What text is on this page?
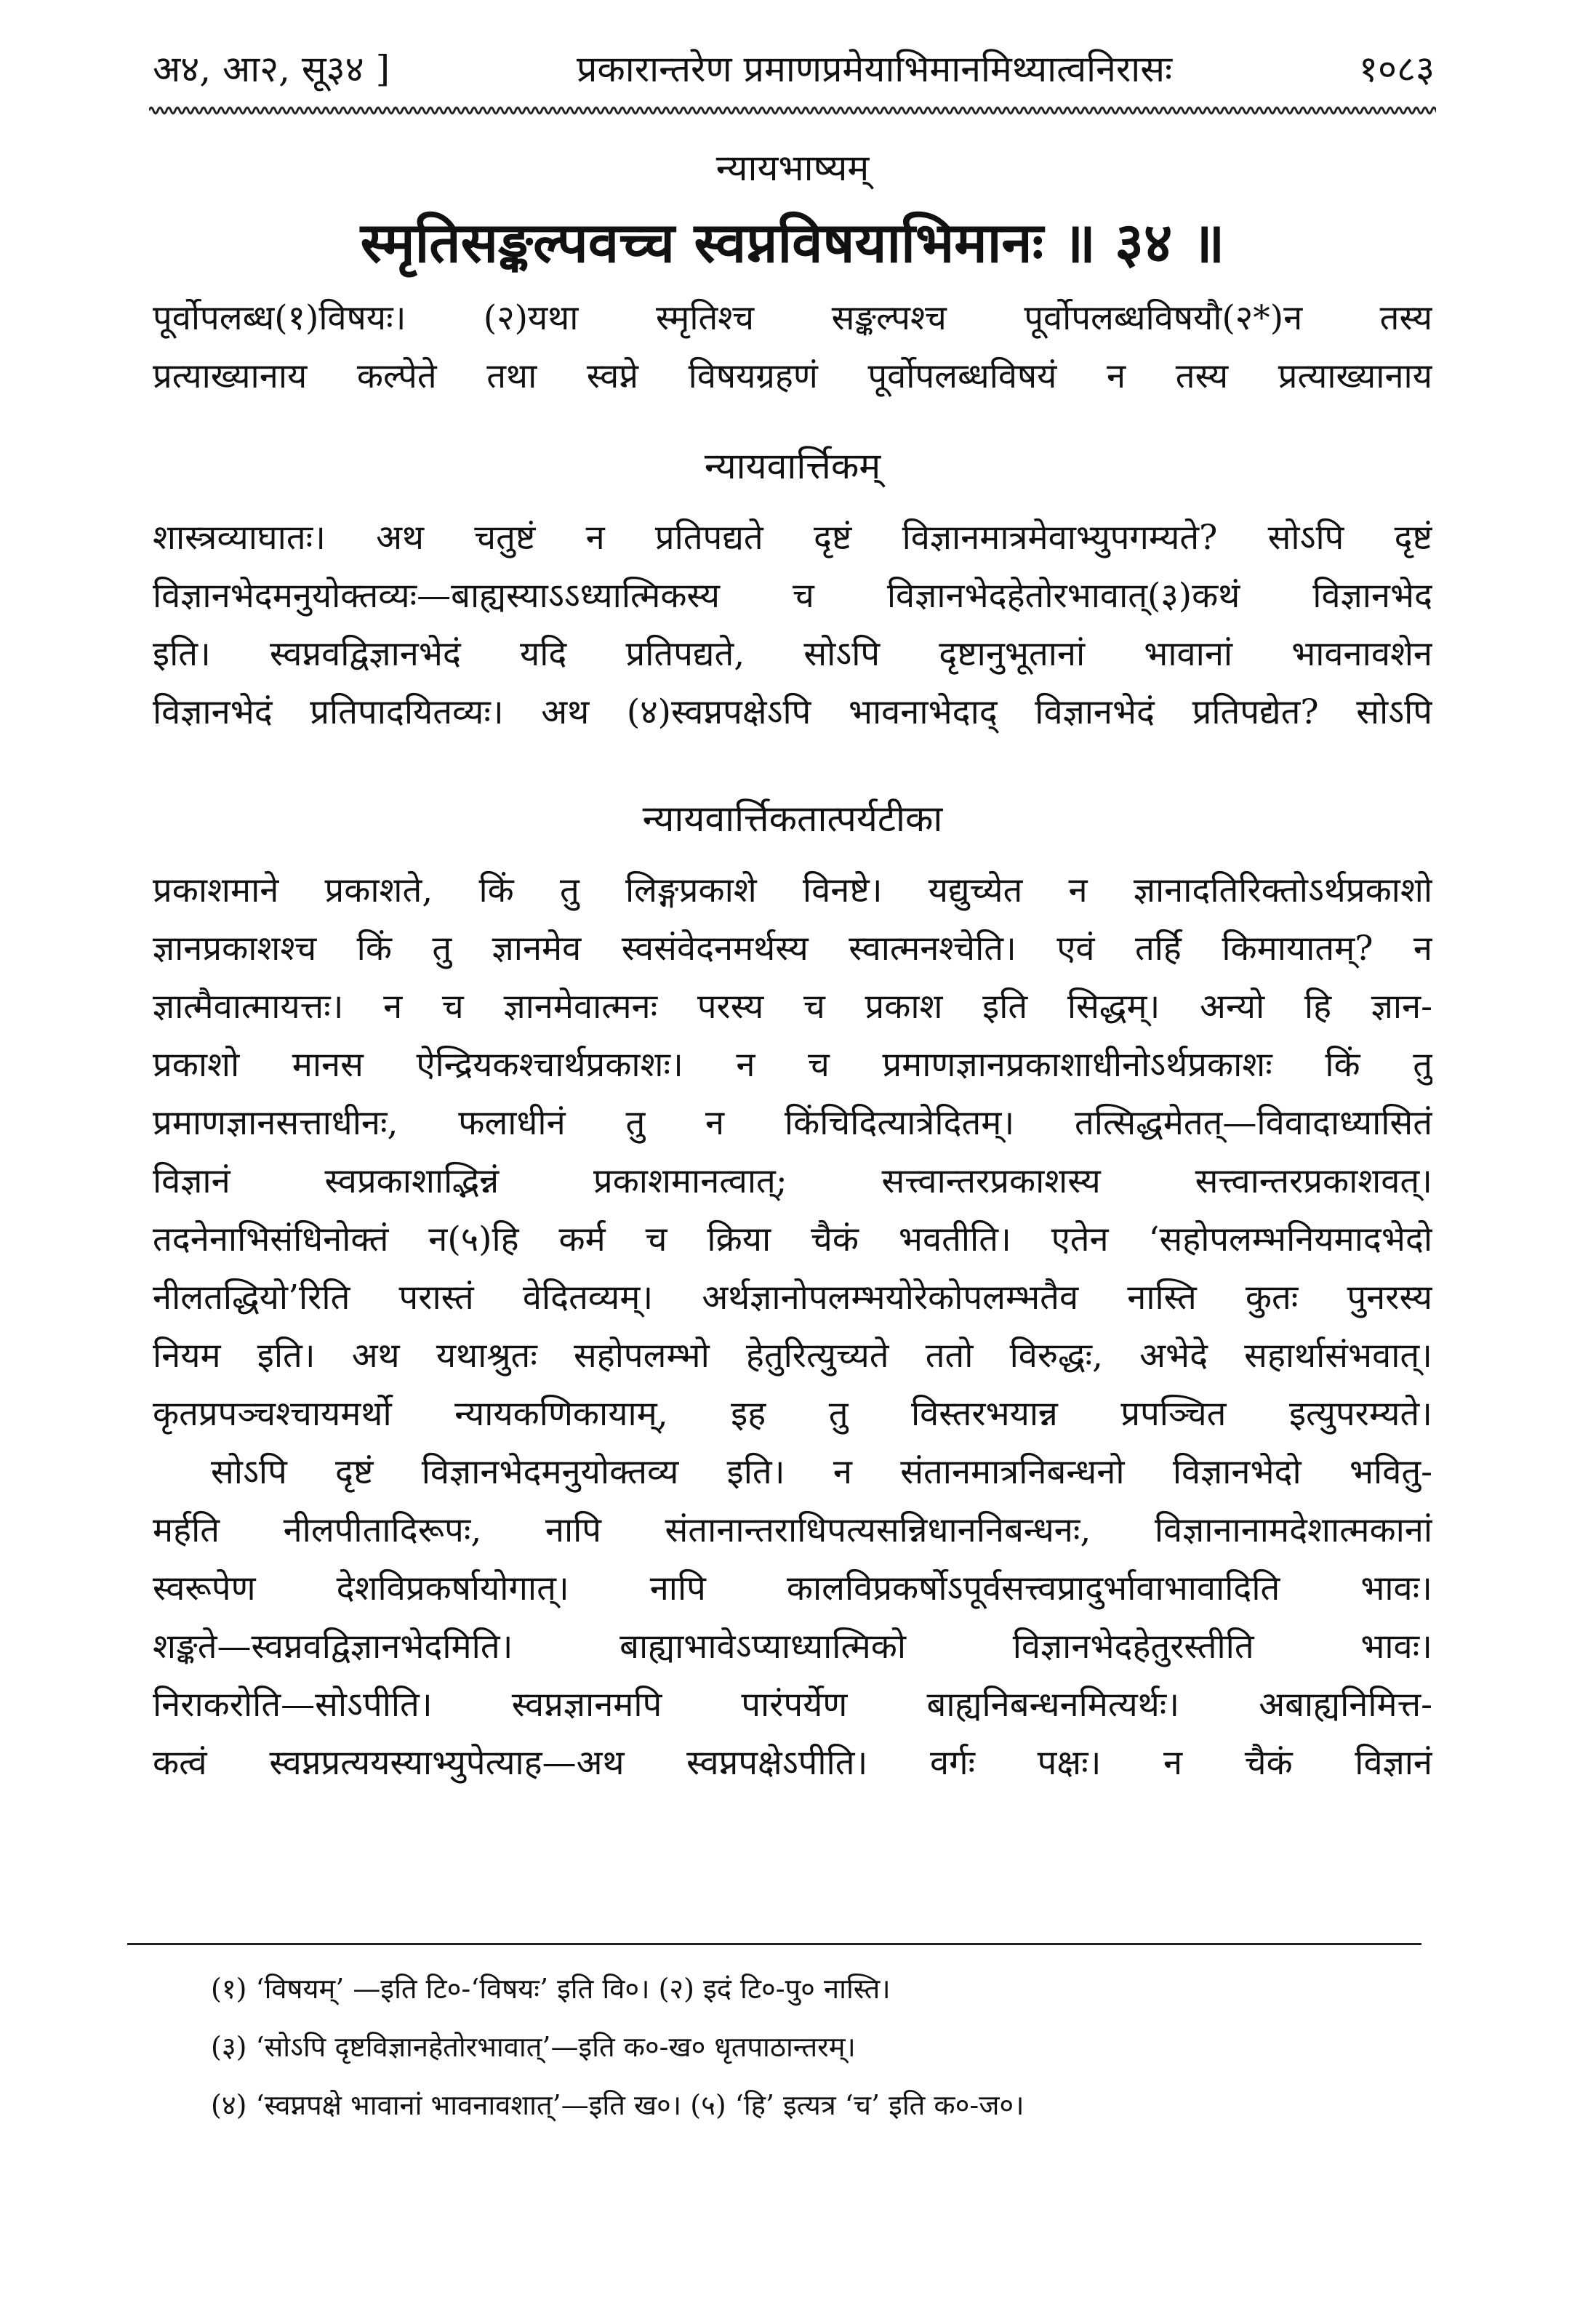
अ४, आ२, सू३४ ]	प्रकारान्तरेण प्रमाणप्रमेयाभिमानमिथ्यात्वनिरासः	१०८३
न्यायभाष्यम्
स्मृतिसङ्कल्पवच्च स्वप्नविषयाभिमानः ॥ ३४ ॥
पूर्वोपलब्ध(१)विषयः। (२)यथा स्मृतिश्च सङ्कल्पश्च पूर्वोपलब्धविषयौ(२*)न तस्य
प्रत्याख्यानाय कल्पेते तथा स्वप्ने विषयग्रहणं पूर्वोपलब्धविषयं न तस्य प्रत्याख्यानाय
न्यायवार्त्तिकम्
शास्त्रव्याघातः। अथ चतुष्टं न प्रतिपद्यते दृष्टं विज्ञानमात्रमेवाभ्युपगम्यते? सोऽपि दृष्टं
विज्ञानभेदमनुयोक्तव्यः—बाह्यस्याऽऽध्यात्मिकस्य च विज्ञानभेदहेतोरभावात्(३)कथं विज्ञानभेद
इति। स्वप्नवद्विज्ञानभेदं यदि प्रतिपद्यते, सोऽपि दृष्टानुभूतानां भावानां भावनावशेन
विज्ञानभेदं प्रतिपादयितव्यः। अथ (४)स्वप्नपक्षेऽपि भावनाभेदाद् विज्ञानभेदं प्रतिपद्येत? सोऽपि
न्यायवार्त्तिकतात्पर्यटीका
प्रकाशमाने प्रकाशते, किं तु लिङ्गप्रकाशे विनष्टे। यद्युच्येत न ज्ञानादतिरिक्तोऽर्थप्रकाशो
ज्ञानप्रकाशश्च किं तु ज्ञानमेव स्वसंवेदनमर्थस्य स्वात्मनश्चेति। एवं तर्हि किमायातम्? न
ज्ञात्मैवात्मायत्तः। न च ज्ञानमेवात्मनः परस्य च प्रकाश इति सिद्धम्। अन्यो हि ज्ञान-
प्रकाशो मानस ऐन्द्रियकश्चार्थप्रकाशः। न च प्रमाणज्ञानप्रकाशाधीनोऽर्थप्रकाशः किं तु
प्रमाणज्ञानसत्ताधीनः, फलाधीनं तु न किंचिदित्यात्रेदितम्। तत्सिद्धमेतत्—विवादाध्यासितं
विज्ञानं स्वप्रकाशाद्भिन्नं प्रकाशमानत्वात्; सत्त्वान्तरप्रकाशस्य सत्त्वान्तरप्रकाशवत्।
तदनेनाभिसंधिनोक्तं न(५)हि कर्म च क्रिया चैकं भवतीति। एतेन ‘सहोपलम्भनियमादभेदो
नीलतद्धियो’रिति परास्तं वेदितव्यम्। अर्थज्ञानोपलम्भयोरेकोपलम्भतैव नास्ति कुतः पुनरस्य
नियम इति। अथ यथाश्रुतः सहोपलम्भो हेतुरित्युच्यते ततो विरुद्धः, अभेदे सहार्थासंभवात्।
कृतप्रपञ्चश्चायमर्थो न्यायकणिकायाम्, इह तु विस्तरभयान्न प्रपञ्चित इत्युपरम्यते।
सोऽपि दृष्टं विज्ञानभेदमनुयोक्तव्य इति। न संतानमात्रनिबन्धनो विज्ञानभेदो भवितु-
मर्हति नीलपीतादिरूपः, नापि संतानान्तराधिपत्यसन्निधाननिबन्धनः, विज्ञानानामदेशात्मकानां
स्वरूपेण देशविप्रकर्षायोगात्। नापि कालविप्रकर्षोऽपूर्वसत्त्वप्रादुर्भावाभावादिति भावः।
शङ्कते—स्वप्नवद्विज्ञानभेदमिति। बाह्याभावेऽप्याध्यात्मिको विज्ञानभेदहेतुरस्तीति भावः।
निराकरोति—सोऽपीति। स्वप्नज्ञानमपि पारंपर्येण बाह्यनिबन्धनमित्यर्थः। अबाह्यनिमित्त-
कत्वं स्वप्नप्रत्ययस्याभ्युपेत्याह—अथ स्वप्नपक्षेऽपीति। वर्गः पक्षः। न चैकं विज्ञानं
(१) ‘विषयम्’ —इति टि०-‘विषयः’ इति वि०। (२) इदं टि०-पु० नास्ति।
(३) ‘सोऽपि दृष्टविज्ञानहेतोरभावात्’—इति क०-ख० धृतपाठान्तरम्।
(४) ‘स्वप्नपक्षे भावानां भावनावशात्’—इति ख०। (५) ‘हि’ इत्यत्र ‘च’ इति क०-ज०।
